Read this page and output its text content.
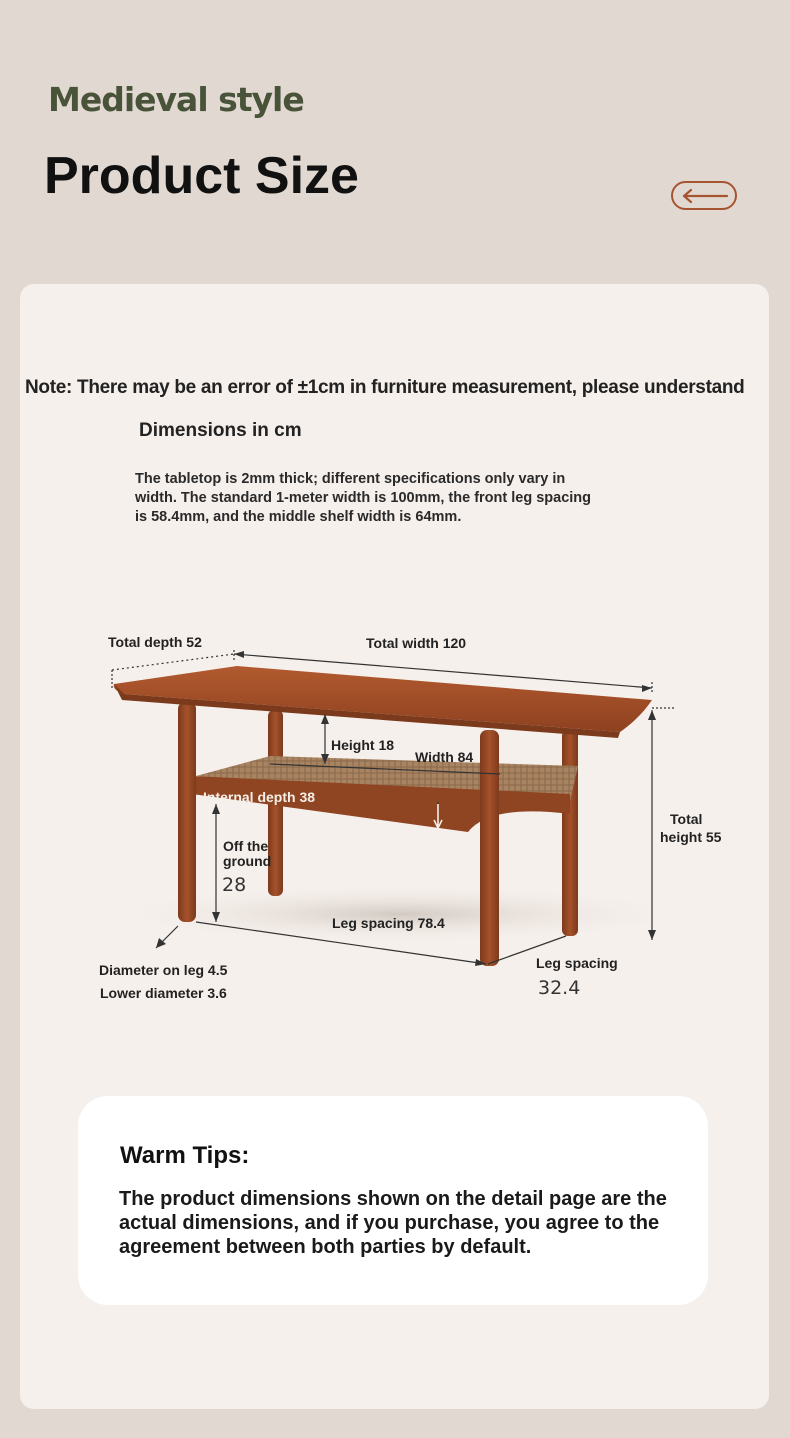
Medieval style
Product Size
Note: There may be an error of ±1cm in furniture measurement, please understand
Dimensions in cm
The tabletop is 2mm thick; different specifications only vary in width. The standard 1-meter width is 100mm, the front leg spacing is 58.4mm, and the middle shelf width is 64mm.
Total depth 52	Total width 120
Height 18
Width 84
Internal depth 38
Off the
ground
28
Total
height 55
Leg spacing 78.4
Leg spacing
32.4
Diameter on leg 4.5
Lower diameter 3.6
Warm Tips:
The product dimensions shown on the detail page are the actual dimensions, and if you purchase, you agree to the agreement between both parties by default.
